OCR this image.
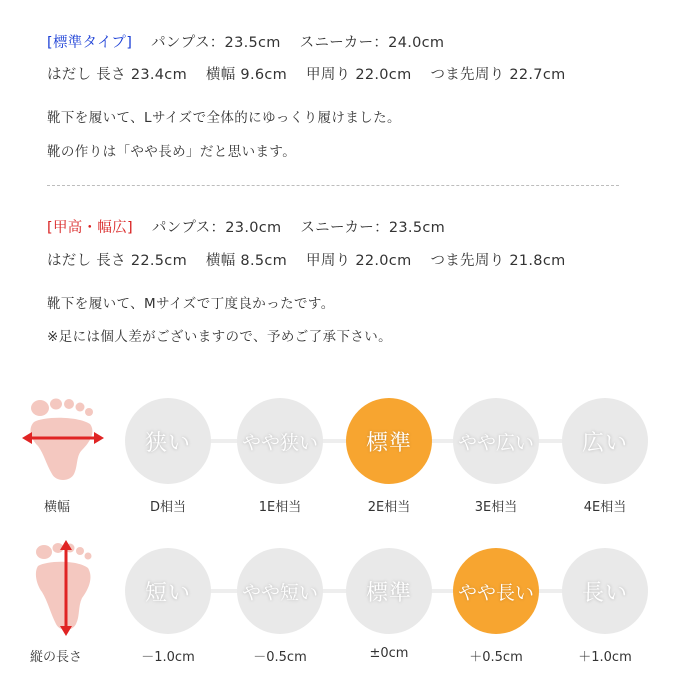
[標準タイプ] パンプス：23.5cm スニーカー：24.0cm
はだし 長さ 23.4cm 横幅 9.6cm 甲周り 22.0cm つま先周り 22.7cm
靴下を履いて、Lサイズで全体的にゆっくり履けました。
靴の作りは「やや長め」だと思います。
[甲高・幅広] パンプス：23.0cm スニーカー：23.5cm
はだし 長さ 22.5cm 横幅 8.5cm 甲周り 22.0cm つま先周り 21.8cm
靴下を履いて、Mサイズで丁度良かったです。
※足には個人差がございますので、予めご了承下さい。
横幅
狭い	やや狭い 標準 やや広い 広い
D相当	1E相当	2E相当	3E相当	4E相当
縦の長さ
短い	やや短い 標準 やや長い 長い
－1.0cm	－0.5cm	±0cm	＋0.5cm	＋1.0cm
